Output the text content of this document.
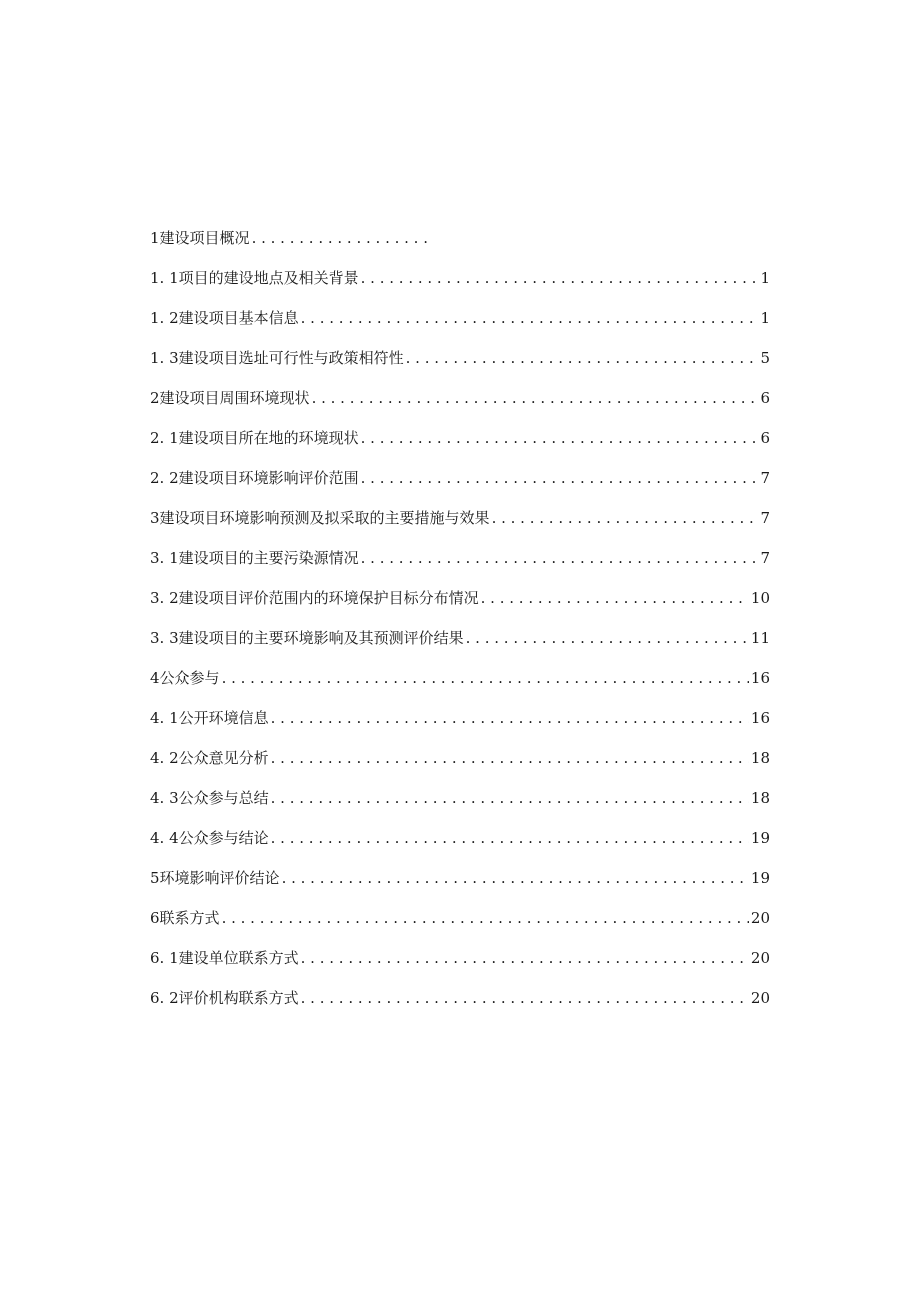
1 建设项目概况
. . .
1. 1 项目的建设地点及相关背景 . . .	1
1. 2 建设项目基本信息 . . .	1
1. 3 建设项目选址可行性与政策相符性 . . .	5
2 建设项目周围环境现状 . . .	6
2. 1 建设项目所在地的环境现状 . . .	6
2. 2 建设项目环境影响评价范围 . . .	7
3 建设项目环境影响预测及拟采取的主要措施与效果 . . .	7
3. 1 建设项目的主要污染源情况 . . .	7
3. 2 建设项目评价范围内的环境保护目标分布情况 . . .	10
3. 3 建设项目的主要环境影响及其预测评价结果 . . .	11
4 公众参与 . . .	16
4. 1 公开环境信息 . . .	16
4. 2 公众意见分析 . . .	18
4. 3 公众参与总结 . . .	18
4. 4 公众参与结论 . . .	19
5 环境影响评价结论 . . .	19
6 联系方式 . . .	20
6. 1 建设单位联系方式 . . .	20
6. 2 评价机构联系方式 . . .	20
